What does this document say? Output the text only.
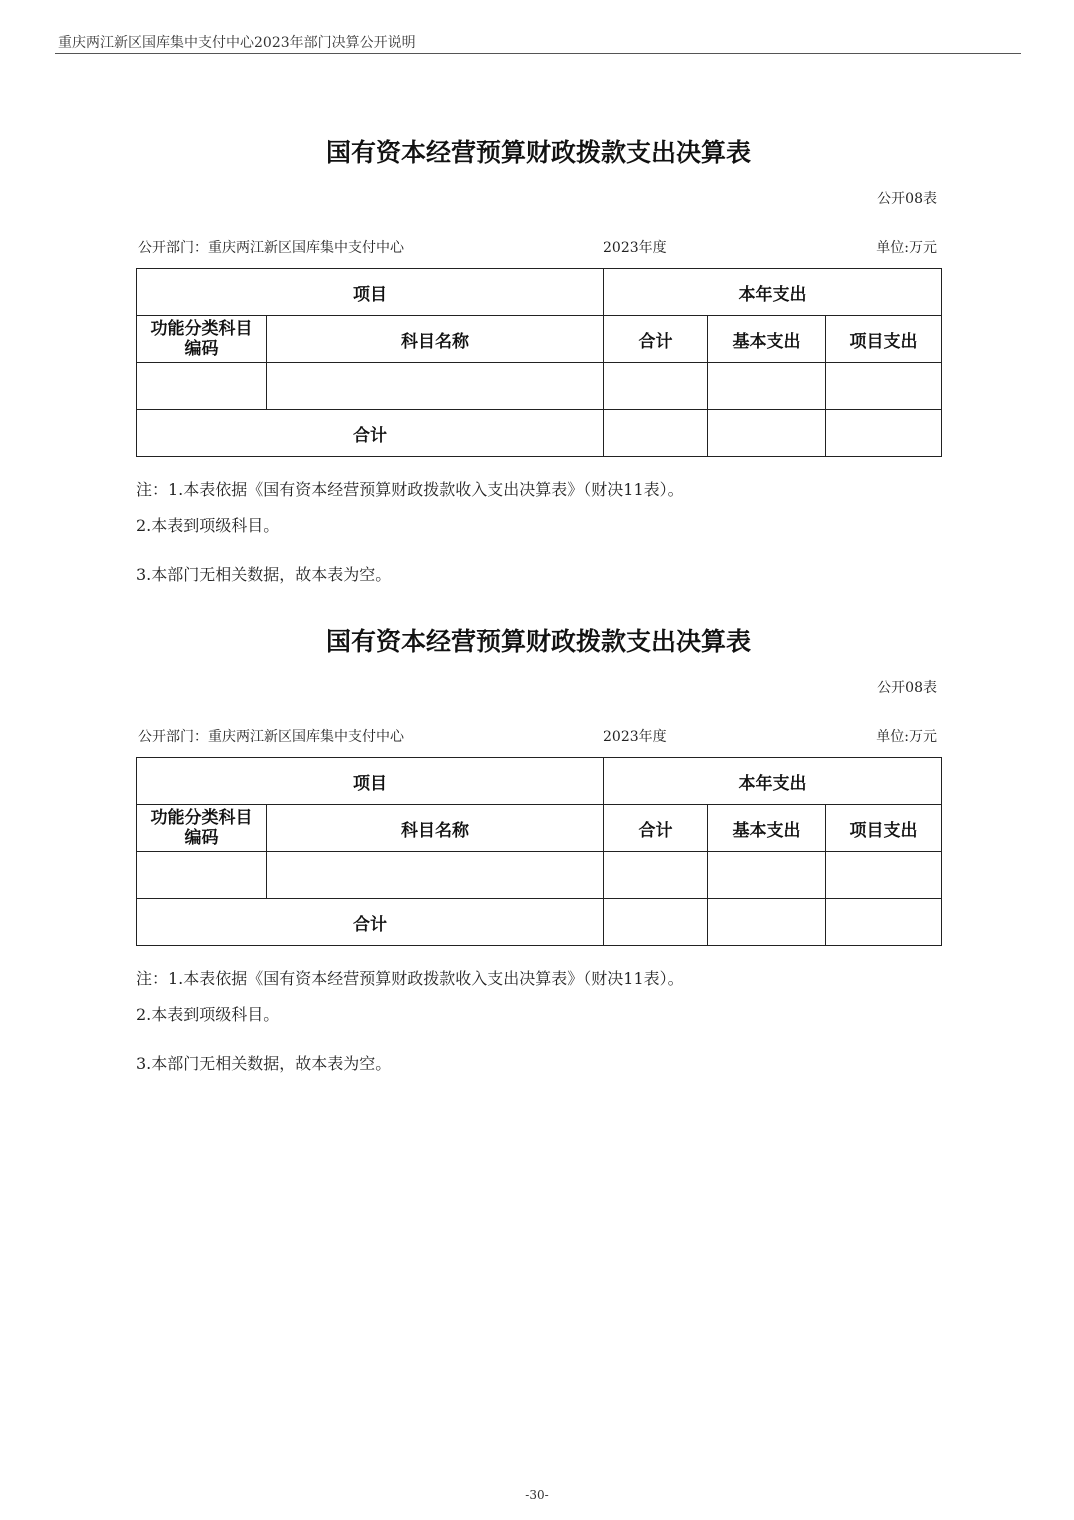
重庆两江新区国库集中支付中心2023年部门决算公开说明
国有资本经营预算财政拨款支出决算表
公开08表
公开部门：重庆两江新区国库集中支付中心	2023年度	单位:万元
项目		本年支出		

功能分类科目
编码	科目名称	合计	基本支出	项目支出

合计				
注：1.本表依据《国有资本经营预算财政拨款收入支出决算表》（财决11表）。
2.本表到项级科目。
3.本部门无相关数据，故本表为空。
国有资本经营预算财政拨款支出决算表
公开08表
公开部门：重庆两江新区国库集中支付中心	2023年度	单位:万元
项目		本年支出		

功能分类科目
编码	科目名称	合计	基本支出	项目支出

合计				
注：1.本表依据《国有资本经营预算财政拨款收入支出决算表》（财决11表）。
2.本表到项级科目。
3.本部门无相关数据，故本表为空。
-30-
